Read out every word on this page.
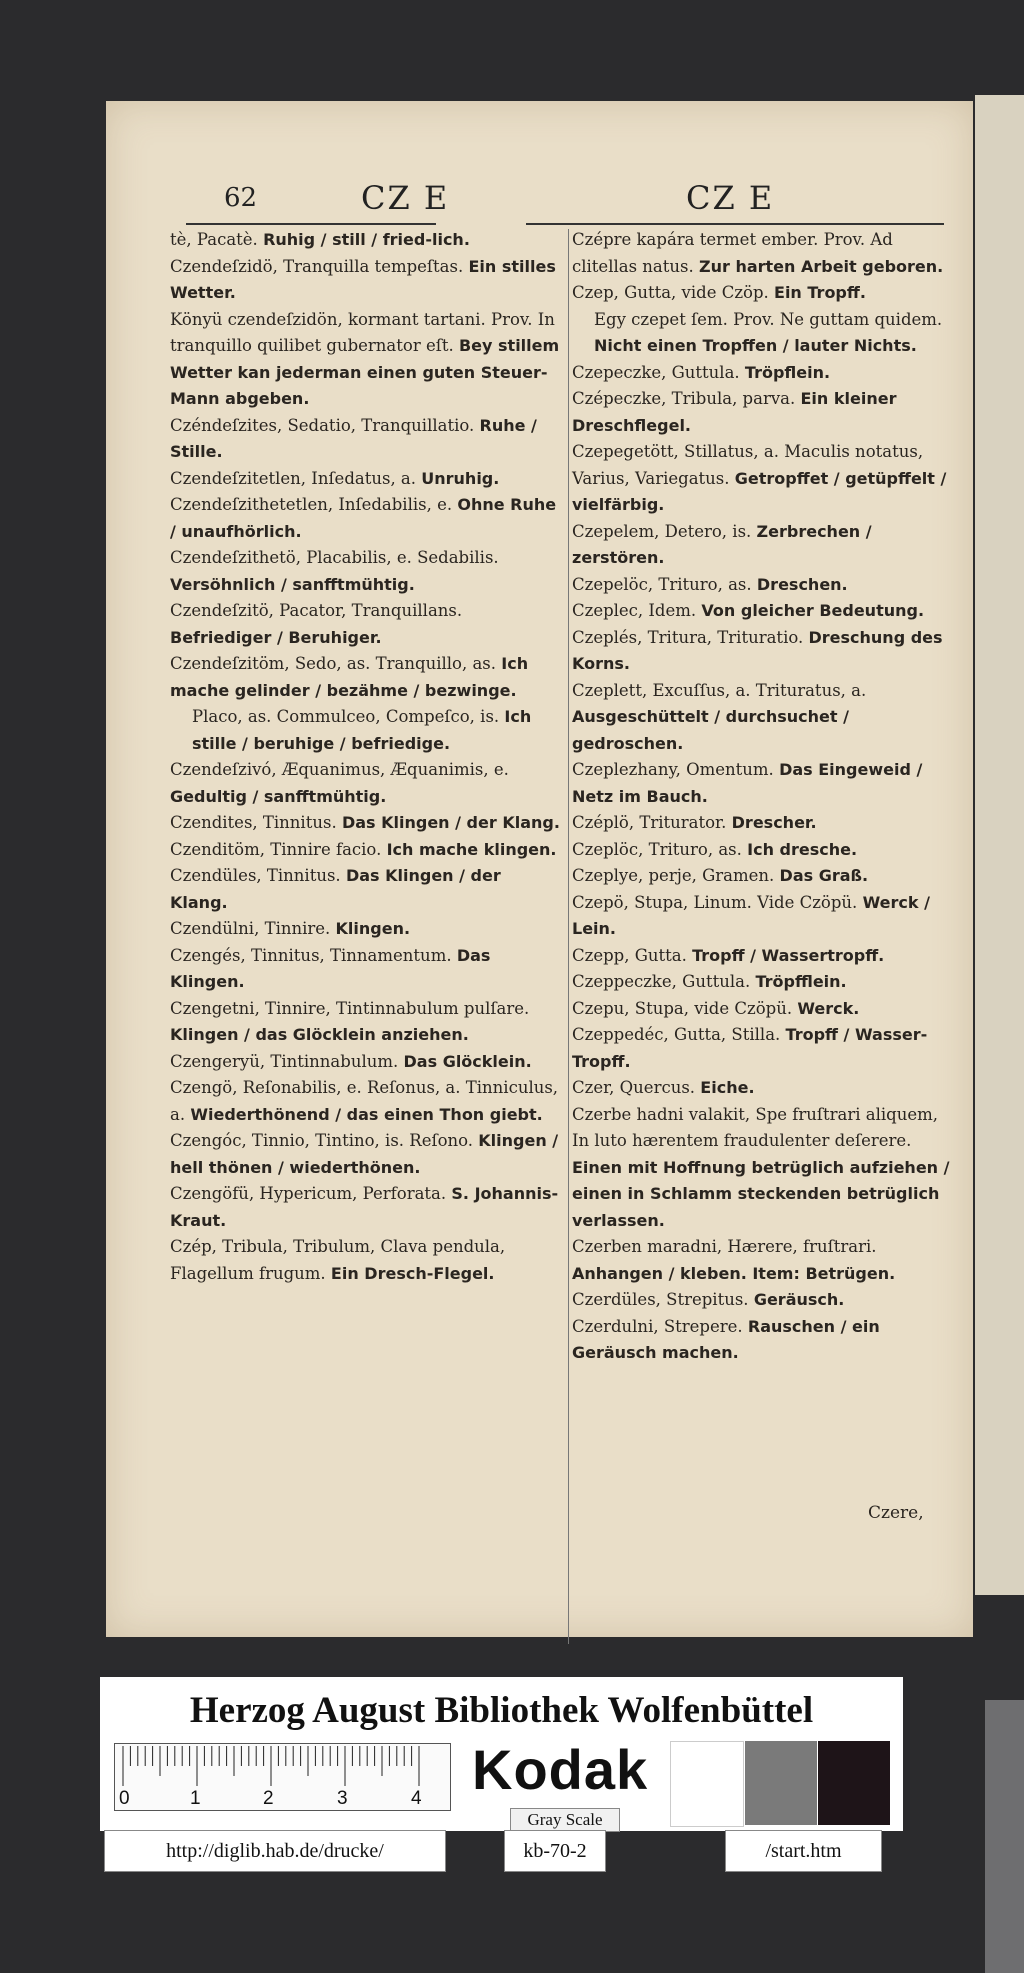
62	CZ E	CZ E

tè, Pacatè. Ruhig / still / fried-lich.

Czendeſzidö, Tranquilla tempeſtas. Ein stilles Wetter.

Könyü czendeſzidön, kormant tartani. Prov. In tranquillo quilibet gubernator eſt. Bey stillem Wetter kan jederman einen guten Steuer-Mann abgeben.

Czéndeſzites, Sedatio, Tranquillatio. Ruhe / Stille.

Czendeſzitetlen, Inſedatus, a. Unruhig.

Czendeſzithetetlen, Inſedabilis, e. Ohne Ruhe / unaufhörlich.

Czendeſzithetö, Placabilis, e. Sedabilis. Versöhnlich / sanfftmühtig.

Czendeſzitö, Pacator, Tranquillans. Befriediger / Beruhiger.

Czendeſzitöm, Sedo, as. Tranquillo, as. Ich mache gelinder / bezähme / bezwinge.

Placo, as. Commulceo, Compeſco, is. Ich stille / beruhige / befriedige.

Czendeſzivó, Æquanimus, Æquanimis, e. Gedultig / sanfftmühtig.

Czendites, Tinnitus. Das Klingen / der Klang.

Czenditöm, Tinnire facio. Ich mache klingen.

Czendüles, Tinnitus. Das Klingen / der Klang.

Czendülni, Tinnire. Klingen.

Czengés, Tinnitus, Tinnamentum. Das Klingen.

Czengetni, Tinnire, Tintinnabulum pulſare. Klingen / das Glöcklein anziehen.

Czengeryü, Tintinnabulum. Das Glöcklein.

Czengö, Reſonabilis, e. Reſonus, a. Tinniculus, a. Wiederthönend / das einen Thon giebt.

Czengóc, Tinnio, Tintino, is. Reſono. Klingen / hell thönen / wiederthönen.

Czengöfü, Hypericum, Perforata. S. Johannis-Kraut.

Czép, Tribula, Tribulum, Clava pendula, Flagellum frugum. Ein Dresch-Flegel.

Czépre kapára termet ember. Prov. Ad clitellas natus. Zur harten Arbeit geboren.

Czep, Gutta, vide Czöp. Ein Tropff.

Egy czepet ſem. Prov. Ne guttam quidem. Nicht einen Tropffen / lauter Nichts.

Czepeczke, Guttula. Tröpflein.

Czépeczke, Tribula, parva. Ein kleiner Dreschflegel.

Czepegetött, Stillatus, a. Maculis notatus, Varius, Variegatus. Getropffet / getüpffelt / vielfärbig.

Czepelem, Detero, is. Zerbrechen / zerstören.

Czepelöc, Trituro, as. Dreschen.

Czeplec, Idem. Von gleicher Bedeutung.

Czeplés, Tritura, Trituratio. Dreschung des Korns.

Czeplett, Excuſſus, a. Trituratus, a. Ausgeschüttelt / durchsuchet / gedroschen.

Czeplezhany, Omentum. Das Eingeweid / Netz im Bauch.

Czéplö, Triturator. Drescher.

Czeplöc, Trituro, as. Ich dresche.

Czeplye, perje, Gramen. Das Graß.

Czepö, Stupa, Linum. Vide Czöpü. Werck / Lein.

Czepp, Gutta. Tropff / Wassertropff.

Czeppeczke, Guttula. Tröpfflein.

Czepu, Stupa, vide Czöpü. Werck.

Czeppedéc, Gutta, Stilla. Tropff / Wasser-Tropff.

Czer, Quercus. Eiche.

Czerbe hadni valakit, Spe fruſtrari aliquem, In luto hærentem fraudulenter deſerere. Einen mit Hoffnung betrüglich aufziehen / einen in Schlamm steckenden betrüglich verlassen.

Czerben maradni, Hærere, fruſtrari. Anhangen / kleben. Item: Betrügen.

Czerdüles, Strepitus. Geräusch.

Czerdulni, Strepere. Rauschen / ein Geräusch machen.

Czere,
Herzog August Bibliothek Wolfenbüttel
0	1	2	3	4 Kodak
Gray Scale
http://diglib.hab.de/drucke/	kb-70-2	/start.htm
